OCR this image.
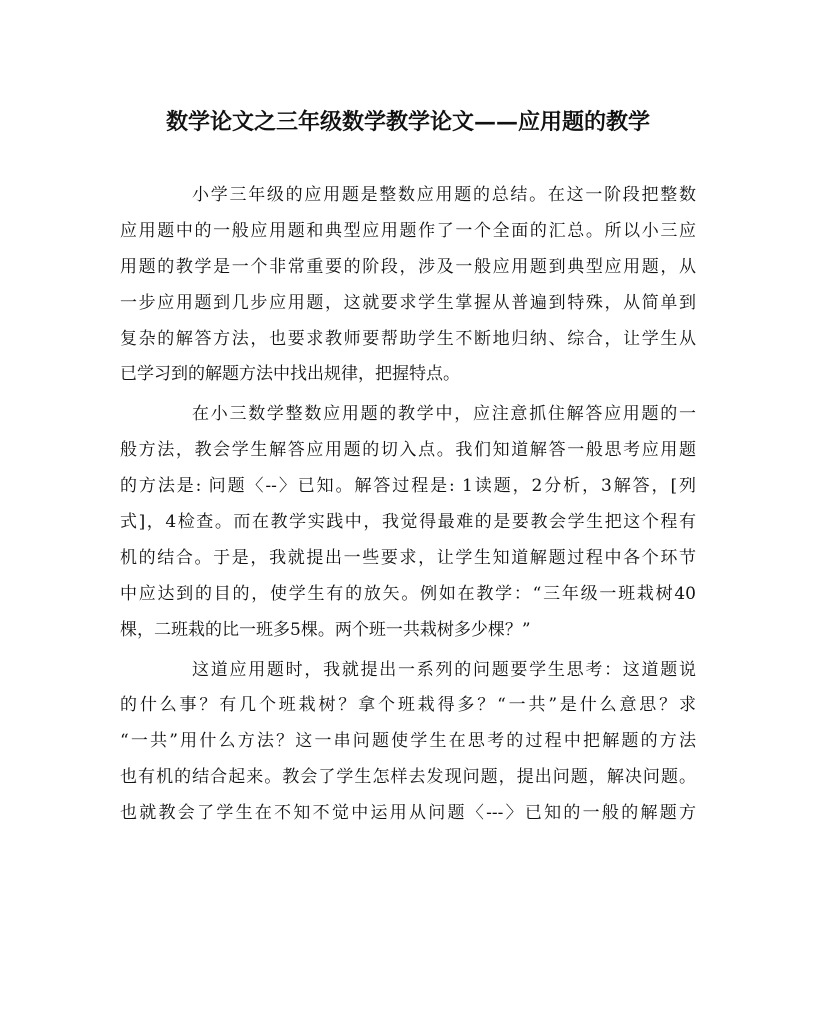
数学论文之三年级数学教学论文——应用题的教学
小学三年级的应用题是整数应用题的总结。在这一阶段把整数
应用题中的一般应用题和典型应用题作了一个全面的汇总。所以小三应
用题的教学是一个非常重要的阶段，涉及一般应用题到典型应用题，从
一步应用题到几步应用题，这就要求学生掌握从普遍到特殊，从简单到
复杂的解答方法，也要求教师要帮助学生不断地归纳、综合，让学生从
已学习到的解题方法中找出规律，把握特点。
在小三数学整数应用题的教学中，应注意抓住解答应用题的一
般方法，教会学生解答应用题的切入点。我们知道解答一般思考应用题
的方法是: 问题〈--〉已知。解答过程是: 1读题，2分析，3解答，[列
式]，4检查。而在教学实践中，我觉得最难的是要教会学生把这个程有
机的结合。于是，我就提出一些要求，让学生知道解题过程中各个环节
中应达到的目的，使学生有的放矢。例如在教学：“三年级一班栽树40
棵，二班栽的比一班多5棵。两个班一共栽树多少棵？”
这道应用题时，我就提出一系列的问题要学生思考：这道题说
的什么事？有几个班栽树？拿个班栽得多？“一共”是什么意思？求
“一共”用什么方法？这一串问题使学生在思考的过程中把解题的方法
也有机的结合起来。教会了学生怎样去发现问题，提出问题，解决问题。
也就教会了学生在不知不觉中运用从问题〈---〉已知的一般的解题方
